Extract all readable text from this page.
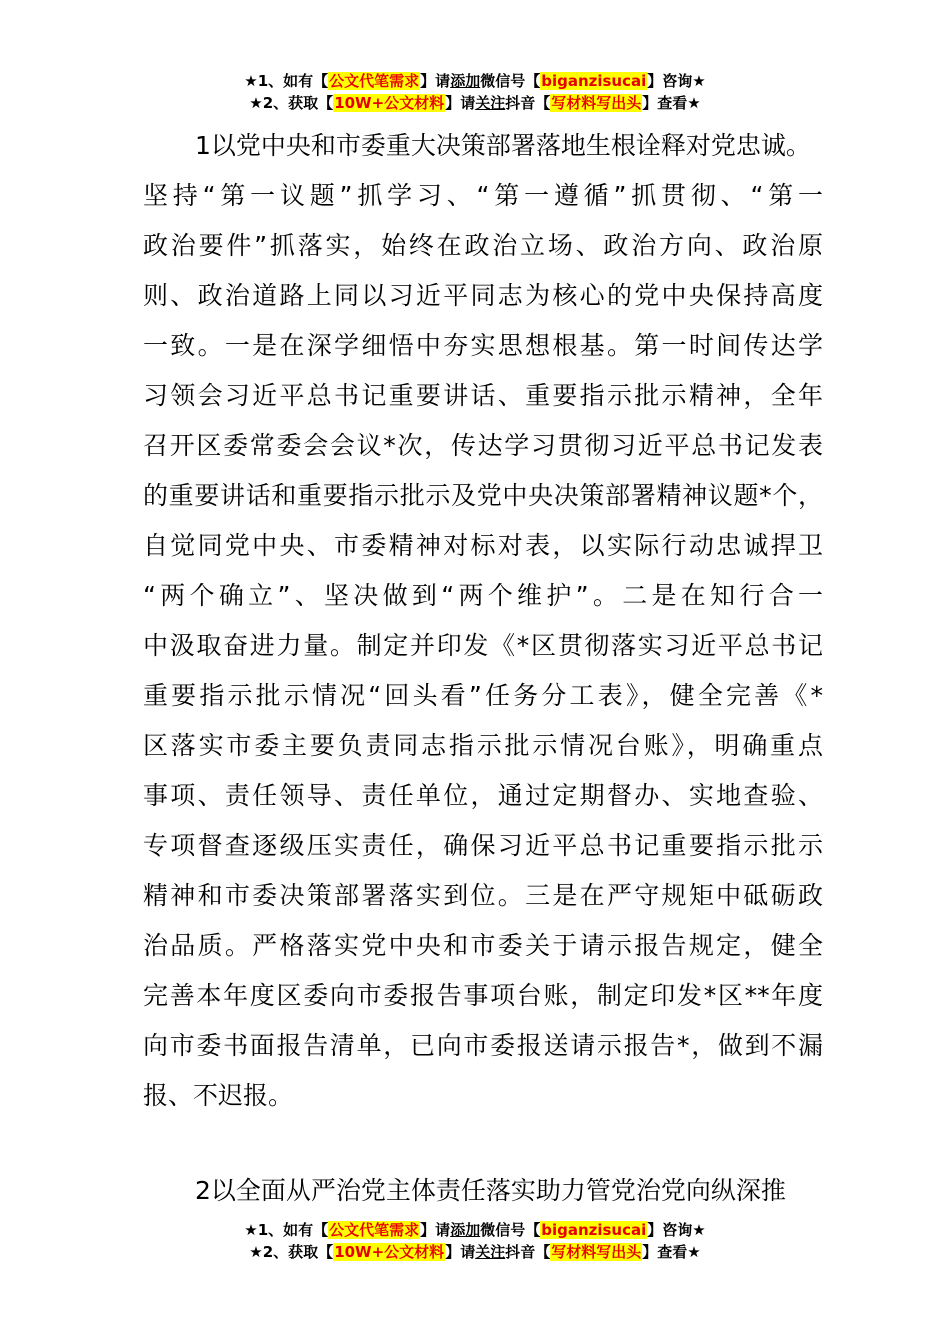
★1、如有【公文代笔需求】请添加微信号【biganzisucai】咨询★
★2、获取【10W+公文材料】请关注抖音【写材料写出头】查看★
1以党中央和市委重大决策部署落地生根诠释对党忠诚。
坚持“第一议题”抓学习、“第一遵循”抓贯彻、“第一
政治要件”抓落实，始终在政治立场、政治方向、政治原
则、政治道路上同以习近平同志为核心的党中央保持高度
一致。一是在深学细悟中夯实思想根基。第一时间传达学
习领会习近平总书记重要讲话、重要指示批示精神，全年
召开区委常委会会议*次，传达学习贯彻习近平总书记发表
的重要讲话和重要指示批示及党中央决策部署精神议题*个，
自觉同党中央、市委精神对标对表，以实际行动忠诚捍卫
“两个确立”、坚决做到“两个维护”。二是在知行合一
中汲取奋进力量。制定并印发《*区贯彻落实习近平总书记
重要指示批示情况“回头看”任务分工表》，健全完善《*
区落实市委主要负责同志指示批示情况台账》，明确重点
事项、责任领导、责任单位，通过定期督办、实地查验、
专项督查逐级压实责任，确保习近平总书记重要指示批示
精神和市委决策部署落实到位。三是在严守规矩中砥砺政
治品质。严格落实党中央和市委关于请示报告规定，健全
完善本年度区委向市委报告事项台账，制定印发*区**年度
向市委书面报告清单，已向市委报送请示报告*，做到不漏
报、不迟报。
2以全面从严治党主体责任落实助力管党治党向纵深推
★1、如有【公文代笔需求】请添加微信号【biganzisucai】咨询★
★2、获取【10W+公文材料】请关注抖音【写材料写出头】查看★
